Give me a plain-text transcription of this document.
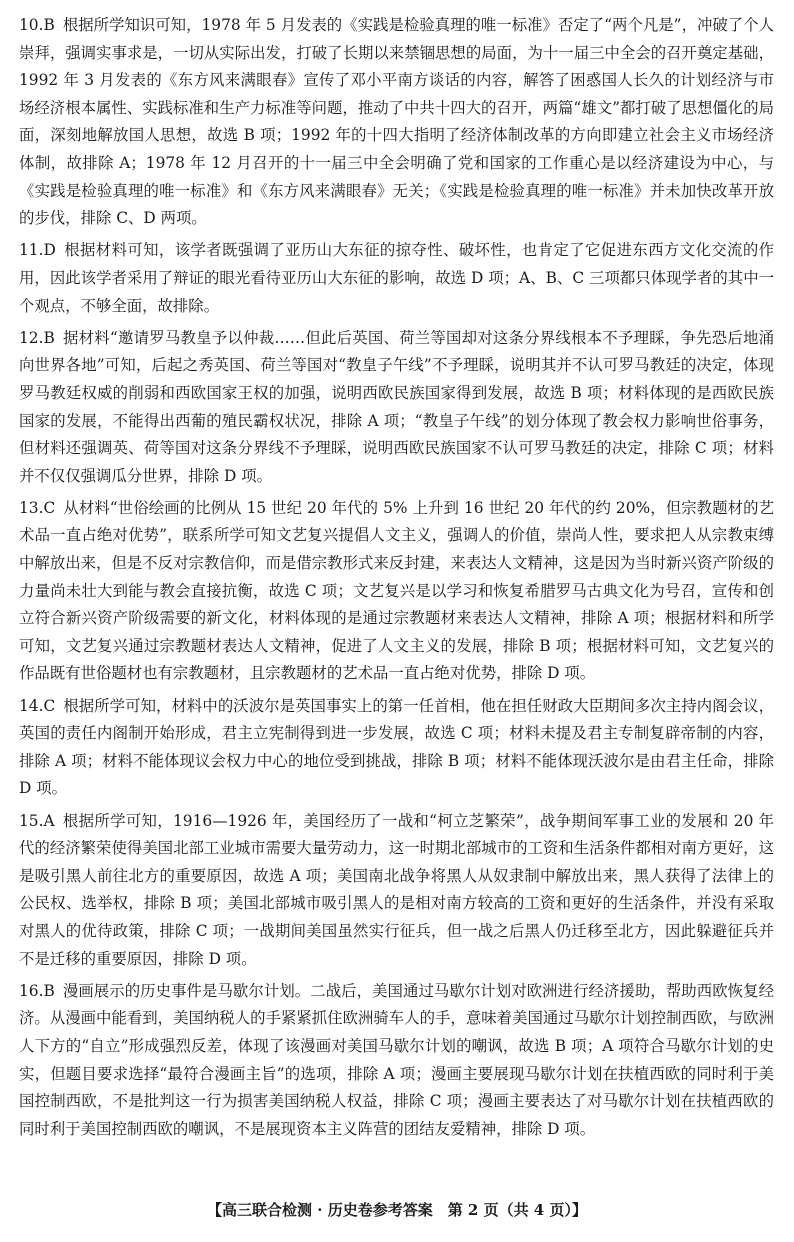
10.B 根据所学知识可知，1978 年 5 月发表的《实践是检验真理的唯一标准》否定了“两个凡是”，冲破了个人崇拜，强调实事求是，一切从实际出发，打破了长期以来禁锢思想的局面，为十一届三中全会的召开奠定基础，1992 年 3 月发表的《东方风来满眼春》宣传了邓小平南方谈话的内容，解答了困惑国人长久的计划经济与市场经济根本属性、实践标准和生产力标准等问题，推动了中共十四大的召开，两篇“雄文”都打破了思想僵化的局面，深刻地解放国人思想，故选 B 项；1992 年的十四大指明了经济体制改革的方向即建立社会主义市场经济体制，故排除 A；1978 年 12 月召开的十一届三中全会明确了党和国家的工作重心是以经济建设为中心，与《实践是检验真理的唯一标准》和《东方风来满眼春》无关；《实践是检验真理的唯一标准》并未加快改革开放的步伐，排除 C、D 两项。

11.D 根据材料可知，该学者既强调了亚历山大东征的掠夺性、破坏性，也肯定了它促进东西方文化交流的作用，因此该学者采用了辩证的眼光看待亚历山大东征的影响，故选 D 项；A、B、C 三项都只体现学者的其中一个观点，不够全面，故排除。

12.B 据材料“邀请罗马教皇予以仲裁……但此后英国、荷兰等国却对这条分界线根本不予理睬，争先恐后地涌向世界各地”可知，后起之秀英国、荷兰等国对“教皇子午线”不予理睬，说明其并不认可罗马教廷的决定，体现罗马教廷权威的削弱和西欧国家王权的加强，说明西欧民族国家得到发展，故选 B 项；材料体现的是西欧民族国家的发展，不能得出西葡的殖民霸权状况，排除 A 项；“教皇子午线”的划分体现了教会权力影响世俗事务，但材料还强调英、荷等国对这条分界线不予理睬，说明西欧民族国家不认可罗马教廷的决定，排除 C 项；材料并不仅仅强调瓜分世界，排除 D 项。

13.C 从材料“世俗绘画的比例从 15 世纪 20 年代的 5% 上升到 16 世纪 20 年代的约 20%，但宗教题材的艺术品一直占绝对优势”，联系所学可知文艺复兴提倡人文主义，强调人的价值，崇尚人性，要求把人从宗教束缚中解放出来，但是不反对宗教信仰，而是借宗教形式来反封建，来表达人文精神，这是因为当时新兴资产阶级的力量尚未壮大到能与教会直接抗衡，故选 C 项；文艺复兴是以学习和恢复希腊罗马古典文化为号召，宣传和创立符合新兴资产阶级需要的新文化，材料体现的是通过宗教题材来表达人文精神，排除 A 项；根据材料和所学可知，文艺复兴通过宗教题材表达人文精神，促进了人文主义的发展，排除 B 项；根据材料可知，文艺复兴的作品既有世俗题材也有宗教题材，且宗教题材的艺术品一直占绝对优势，排除 D 项。

14.C 根据所学可知，材料中的沃波尔是英国事实上的第一任首相，他在担任财政大臣期间多次主持内阁会议，英国的责任内阁制开始形成，君主立宪制得到进一步发展，故选 C 项；材料未提及君主专制复辟帝制的内容，排除 A 项；材料不能体现议会权力中心的地位受到挑战，排除 B 项；材料不能体现沃波尔是由君主任命，排除 D 项。

15.A 根据所学可知，1916—1926 年，美国经历了一战和“柯立芝繁荣”，战争期间军事工业的发展和 20 年代的经济繁荣使得美国北部工业城市需要大量劳动力，这一时期北部城市的工资和生活条件都相对南方更好，这是吸引黑人前往北方的重要原因，故选 A 项；美国南北战争将黑人从奴隶制中解放出来，黑人获得了法律上的公民权、选举权，排除 B 项；美国北部城市吸引黑人的是相对南方较高的工资和更好的生活条件，并没有采取对黑人的优待政策，排除 C 项；一战期间美国虽然实行征兵，但一战之后黑人仍迁移至北方，因此躲避征兵并不是迁移的重要原因，排除 D 项。

16.B 漫画展示的历史事件是马歇尔计划。二战后，美国通过马歇尔计划对欧洲进行经济援助，帮助西欧恢复经济。从漫画中能看到，美国纳税人的手紧紧抓住欧洲骑车人的手，意味着美国通过马歇尔计划控制西欧，与欧洲人下方的“自立”形成强烈反差，体现了该漫画对美国马歇尔计划的嘲讽，故选 B 项；A 项符合马歇尔计划的史实，但题目要求选择“最符合漫画主旨”的选项，排除 A 项；漫画主要展现马歇尔计划在扶植西欧的同时利于美国控制西欧，不是批判这一行为损害美国纳税人权益，排除 C 项；漫画主要表达了对马歇尔计划在扶植西欧的同时利于美国控制西欧的嘲讽，不是展现资本主义阵营的团结友爱精神，排除 D 项。

【高三联合检测 · 历史卷参考答案　第 2 页（共 4 页）】
